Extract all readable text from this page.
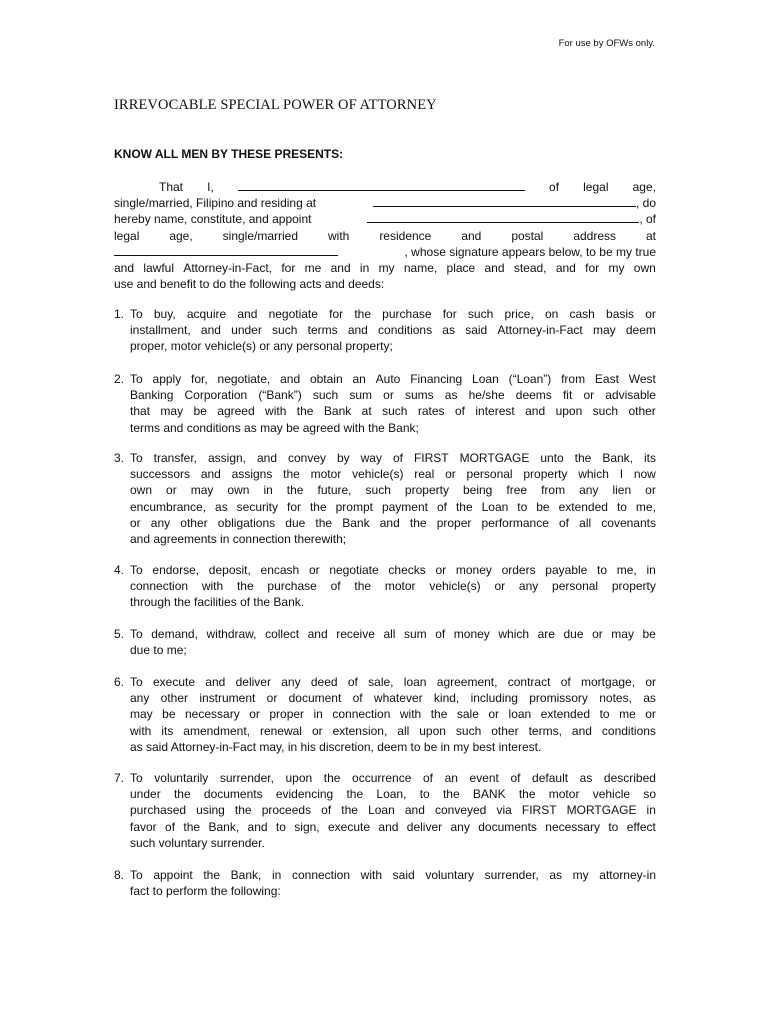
For use by OFWs only.
IRREVOCABLE SPECIAL POWER OF ATTORNEY
KNOW ALL MEN BY THESE PRESENTS:
That I,	of legal age,
single/married, Filipino and residing at	, do
hereby name, constitute, and appoint	, of
legal age, single/married with residence and postal address at
, whose signature appears below, to be my true
and lawful Attorney-in-Fact, for me and in my name, place and stead, and for my own
use and benefit to do the following acts and deeds:
1. To buy, acquire and negotiate for the purchase for such price, on cash basis or
installment, and under such terms and conditions as said Attorney-in-Fact may deem
proper, motor vehicle(s) or any personal property;
2. To apply for, negotiate, and obtain an Auto Financing Loan (“Loan”) from East West
Banking Corporation (“Bank”) such sum or sums as he/she deems fit or advisable
that may be agreed with the Bank at such rates of interest and upon such other
terms and conditions as may be agreed with the Bank;
3. To transfer, assign, and convey by way of FIRST MORTGAGE unto the Bank, its
successors and assigns the motor vehicle(s) real or personal property which I now
own or may own in the future, such property being free from any lien or
encumbrance, as security for the prompt payment of the Loan to be extended to me,
or any other obligations due the Bank and the proper performance of all covenants
and agreements in connection therewith;
4. To endorse, deposit, encash or negotiate checks or money orders payable to me, in
connection with the purchase of the motor vehicle(s) or any personal property
through the facilities of the Bank.
5. To demand, withdraw, collect and receive all sum of money which are due or may be
due to me;
6. To execute and deliver any deed of sale, loan agreement, contract of mortgage, or
any other instrument or document of whatever kind, including promissory notes, as
may be necessary or proper in connection with the sale or loan extended to me or
with its amendment, renewal or extension, all upon such other terms, and conditions
as said Attorney-in-Fact may, in his discretion, deem to be in my best interest.
7. To voluntarily surrender, upon the occurrence of an event of default as described
under the documents evidencing the Loan, to the BANK the motor vehicle so
purchased using the proceeds of the Loan and conveyed via FIRST MORTGAGE in
favor of the Bank, and to sign, execute and deliver any documents necessary to effect
such voluntary surrender.
8. To appoint the Bank, in connection with said voluntary surrender, as my attorney-in
fact to perform the following:
